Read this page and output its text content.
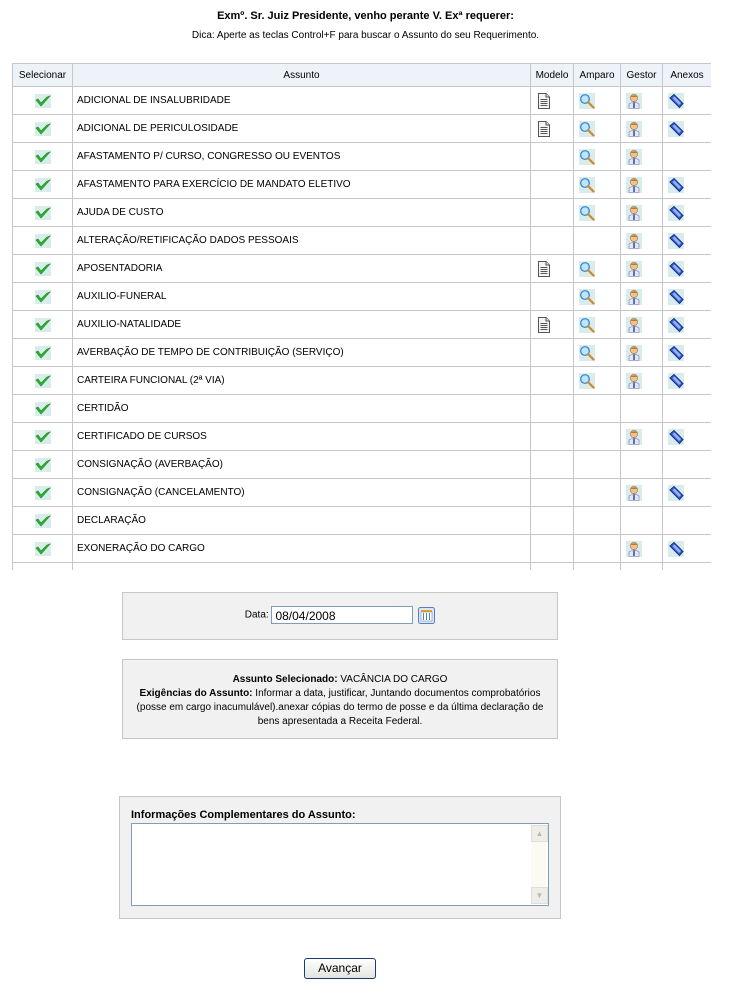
Exmº. Sr. Juiz Presidente, venho perante V. Exª requerer:
Dica: Aperte as teclas Control+F para buscar o Assunto do seu Requerimento.
Selecionar	Assunto	Modelo	Amparo	Gestor	Anexos
	ADICIONAL DE INSALUBRIDADE	

	ADICIONAL DE PERICULOSIDADE	

	AFASTAMENTO P/ CURSO, CONGRESSO OU EVENTOS		

	AFASTAMENTO PARA EXERCÍCIO DE MANDATO ELETIVO		

	AJUDA DE CUSTO		

	ALTERAÇÃO/RETIFICAÇÃO DADOS PESSOAIS			

	APOSENTADORIA	

	AUXILIO-FUNERAL		

	AUXILIO-NATALIDADE	

	AVERBAÇÃO DE TEMPO DE CONTRIBUIÇÃO (SERVIÇO)		

	CARTEIRA FUNCIONAL (2ª VIA)		

	CERTIDÃO				
	CERTIFICADO DE CURSOS			

	CONSIGNAÇÃO (AVERBAÇÃO)				
	CONSIGNAÇÃO (CANCELAMENTO)			

	DECLARAÇÃO				
	EXONERAÇÃO DO CARGO			

Data: 08/04/2008
Assunto Selecionado: VACÂNCIA DO CARGO
Exigências do Assunto: Informar a data, justificar, Juntando documentos comprobatórios (posse em cargo inacumulável).anexar cópias do termo de posse e da última declaração de bens apresentada a Receita Federal.
Informações Complementares do Assunto:
▲
▼
Avançar
